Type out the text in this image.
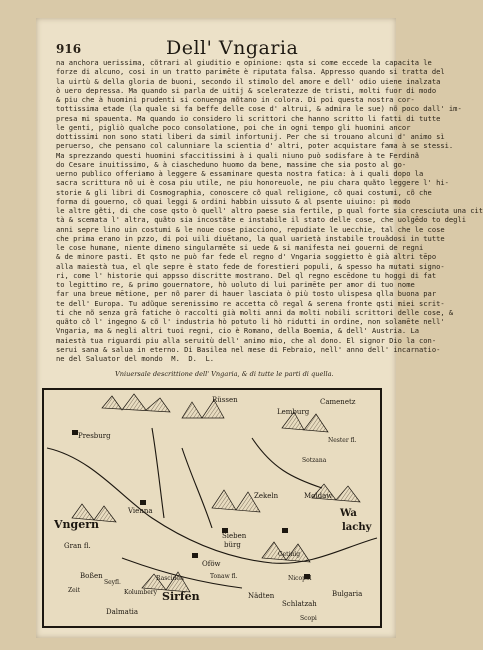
916	Dell' Vngaria
na anchora uerissima, cõtrari al giuditio e opinione: qsta si come eccede la capacita le
forze di alcuno, cosi in un tratto parimēte è riputata falsa. Appresso quando si tratta del
la uirtù & della gloria de buoni, secondo il stimolo del amore e dell' odio uiene inalzata
ò uero depressa. Ma quando si parla de uitij & sceleratezze de tristi, molti fuor di modo
& piu che à huomini prudenti si conuenga mõtano in colora. Di poi questa nostra cor-
tottissima etade (la quale si fa beffe delle cose d' altrui, & admira le sue) nõ poco dall' im-
presa mi spauenta. Ma quando io considero li scrittori che hanno scritto li fatti di tutte
le genti, pigliò qualche poco consolatione, poi che in ogni tempo gli huomini ancor
dottissimi non sono stati liberi da simil infortunij. Per che si trouano alcuni d' animo sì
peruerso, che pensano col calunniare la scientia d' altri, poter acquistare fama à se stessi.
Ma sprezzando questi huomini sfaccitissimi à i quali niuno può sodisfare à te Ferdinã
do Cesare inuitissimo, & à ciascheduno huomo da bene, massime che sia posto al go-
uerno publico offeriamo à leggere & essaminare questa nostra fatica: à i quali dopo la
sacra scrittura nõ ui è cosa piu utile, ne piu honoreuole, ne piu chara quãto leggere l' hi-
storie & gli libri di Cosmographia, conoscere cõ qual religione, cõ quai costumi, cõ che
forma di gouerno, cõ quai leggi & ordini habbin uissuto & al psente uiuino: pì modo
le altre gẽti, di che cose qsto ò quell' altro paese sia fertile, p qual forte sia cresciuta una cit
tà & scemata l' altra, quãto sia incostãte e instabile il stato delle cose, che uolgēdo to degli
anni sepre lino uin costumi & le noue cose piacciono, repudiate le uecchie, tal che le cose
che prima erano in pzzo, di poi uili diuētano, la qual uarietà instabile trouãdosi in tutte
le cose humane, niente dimeno singularmēte si uede & si manifesta nei gouerni de regni
& de minore pasti. Et qsto ne può far fede el regno d' Vngaria soggietto è già altri tēpo
alla maiestà tua, el qle sepre è stato fede de forestieri populi, & spesso ha mutati signo-
ri, come l' historie qui appsso discritte mostrano. Del ql regno escēdone tu hoggi di fat
to legittimo re, & primo gouernatore, hò uoluto di lui parimēte per amor di tuo nome
far una breue mētione, per nõ parer di hauer lasciata ò più tosto ulispesa qlla buona par
te dell' Europa. Tu adũque serenissimo re accetta cõ regal & serena fronte qsti miei scrit-
ti che nõ senza grā fatiche ò raccolti già molti anni da molti nobili scrittori delle cose, &
quãto cõ l' ingegno & cõ l' industria hò potuto li hò ridutti in ordine, non solamēte nell'
Vngaria, ma & negli altri tuoi regni, cio è Romano, della Boemia, & dell' Austria. La
maiestà tua riguardi piu alla seruitù dell' animo mio, che al dono. El signor Dio la con-
serui sana & salua in eterno. Di Basilea nel mese di Febraio, nell' anno dell' incarnatio-
ne del Saluator del mondo  M.  D.  L.
Vniuersale descrittione dell' Vngaria, & di tutte le parti di quella.
Rüssen
Lemburg
Camenetz
Presburg
Vienna
Zekeln	Moldaw
Vngern
Sieben
bürg
Wa
lachy
Gran fl.
Boßen
Oföw
Tonaw fl.	Nicopol
Sirfen	Nädten
Schlatzah
Bulgaria
Dalmatia
Scopi
Cetinig
Seyfl.
Kolumbery
Rasciden
Zeit
Sotzana
Nester fl.
